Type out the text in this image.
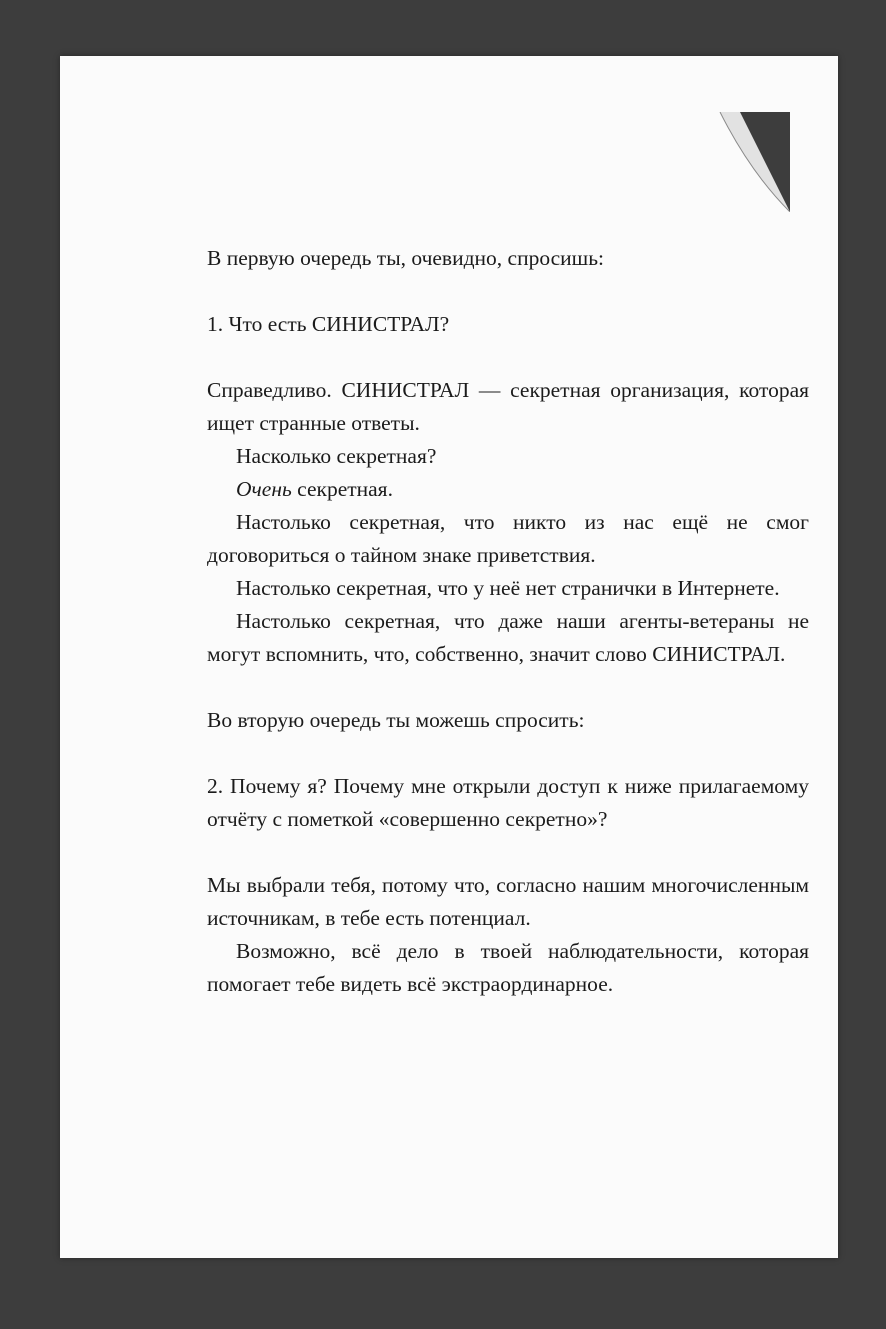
В первую очередь ты, очевидно, спросишь:

1. Что есть СИНИСТРАЛ?

Справедливо. СИНИСТРАЛ — секретная организация, которая ищет странные ответы.

Насколько секретная?

Очень секретная.

Настолько секретная, что никто из нас ещё не смог договориться о тайном знаке приветствия.

Настолько секретная, что у неё нет странички в Интернете.

Настолько секретная, что даже наши агенты-ветераны не могут вспомнить, что, собственно, значит слово СИНИСТРАЛ.

Во вторую очередь ты можешь спросить:

2. Почему я? Почему мне открыли доступ к ниже прилагаемому отчёту с пометкой «совершенно секретно»?

Мы выбрали тебя, потому что, согласно нашим многочисленным источникам, в тебе есть потенциал.

Возможно, всё дело в твоей наблюдательности, которая помогает тебе видеть всё экстраординарное.
